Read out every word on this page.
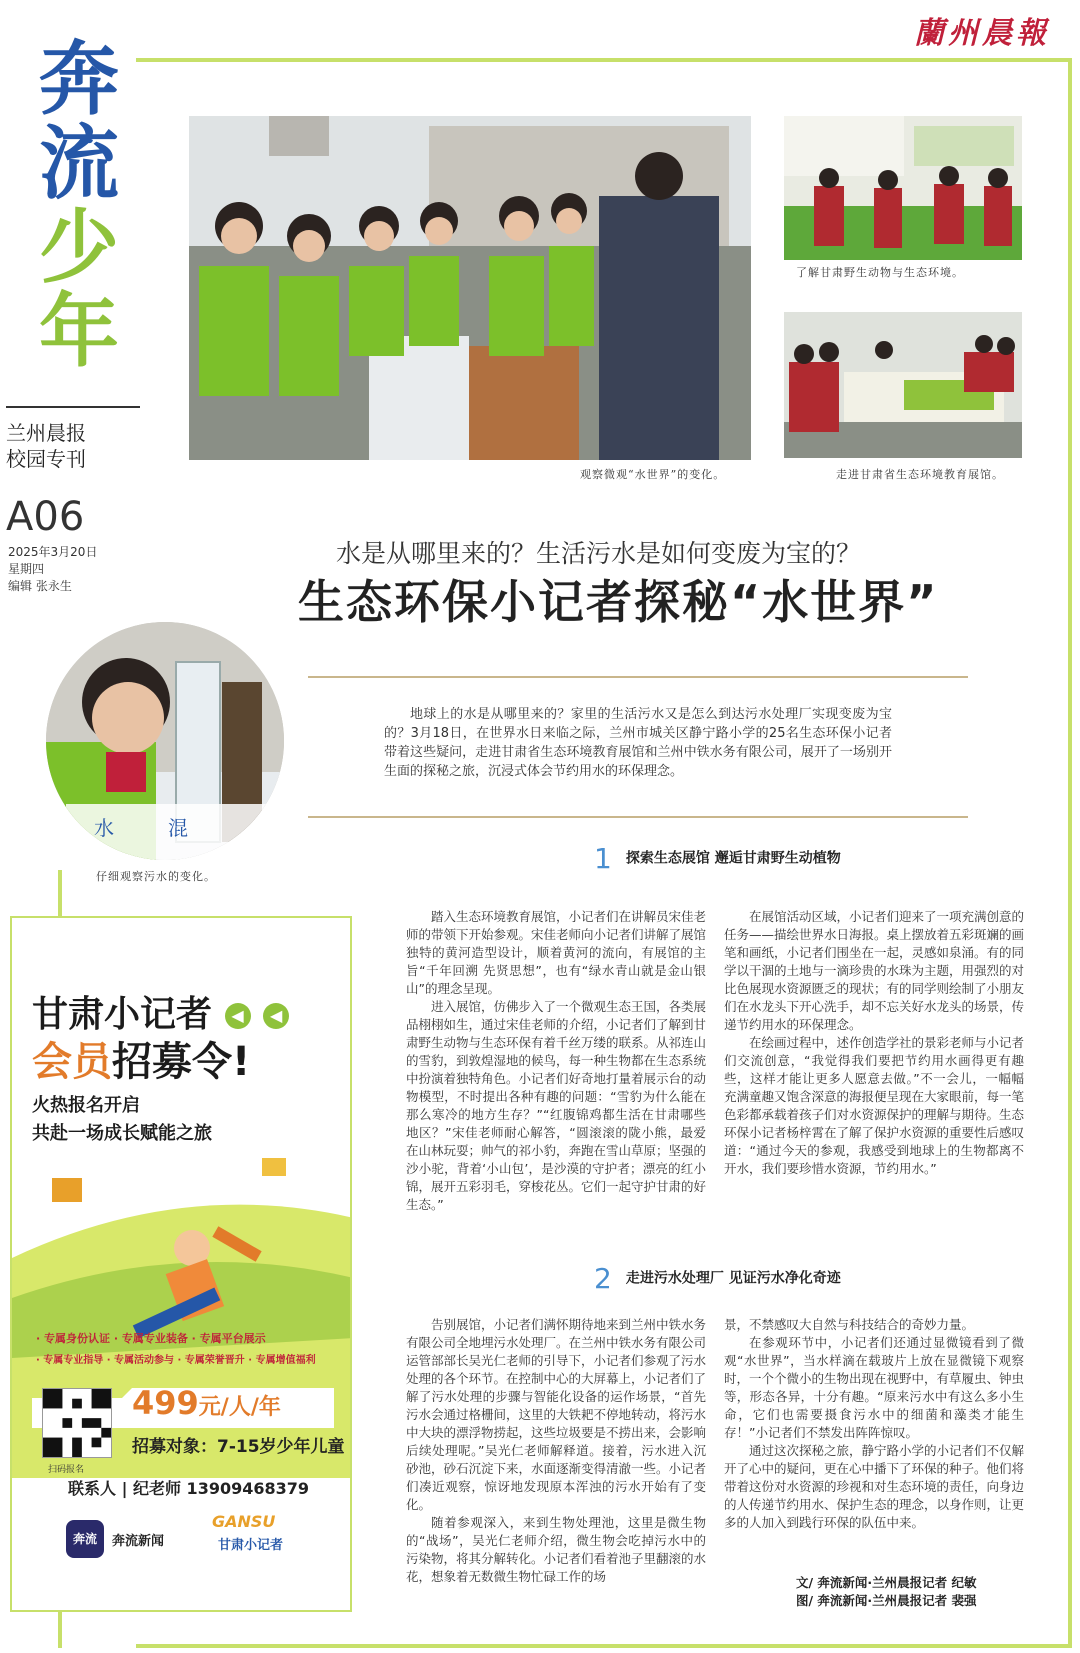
蘭州晨報
奔
流
少
年
兰州晨报
校园专刊
A06
2025年3月20日
星期四
编辑 张永生
观察微观“水世界”的变化。
了解甘肃野生动物与生态环境。
走进甘肃省生态环境教育展馆。
水是从哪里来的？生活污水是如何变废为宝的？
生态环保小记者探秘“水世界”
地球上的水是从哪里来的？家里的生活污水又是怎么到达污水处理厂实现变废为宝的？3月18日，在世界水日来临之际，兰州市城关区静宁路小学的25名生态环保小记者带着这些疑问，走进甘肃省生态环境教育展馆和兰州中铁水务有限公司，展开了一场别开生面的探秘之旅，沉浸式体会节约用水的环保理念。
水	混
仔细观察污水的变化。
1 探索生态展馆 邂逅甘肃野生动植物

踏入生态环境教育展馆，小记者们在讲解员宋佳老师的带领下开始参观。宋佳老师向小记者们讲解了展馆独特的黄河造型设计，顺着黄河的流向，有展馆的主旨“千年回溯 先贤思想”，也有“绿水青山就是金山银山”的理念呈现。

进入展馆，仿佛步入了一个微观生态王国，各类展品栩栩如生，通过宋佳老师的介绍，小记者们了解到甘肃野生动物与生态环保有着千丝万缕的联系。从祁连山的雪豹，到敦煌湿地的候鸟，每一种生物都在生态系统中扮演着独特角色。小记者们好奇地打量着展示台的动物模型，不时提出各种有趣的问题：“雪豹为什么能在那么寒冷的地方生存？”“红腹锦鸡都生活在甘肃哪些地区？”宋佳老师耐心解答，“圆滚滚的陇小熊，最爱在山林玩耍；帅气的祁小豹，奔跑在雪山草原；坚强的沙小驼，背着‘小山包’，是沙漠的守护者；漂亮的红小锦，展开五彩羽毛，穿梭花丛。它们一起守护甘肃的好生态。”

在展馆活动区域，小记者们迎来了一项充满创意的任务——描绘世界水日海报。桌上摆放着五彩斑斓的画笔和画纸，小记者们围坐在一起，灵感如泉涌。有的同学以干涸的土地与一滴珍贵的水珠为主题，用强烈的对比色展现水资源匮乏的现状；有的同学则绘制了小朋友们在水龙头下开心洗手，却不忘关好水龙头的场景，传递节约用水的环保理念。

在绘画过程中，述作创造学社的景彩老师与小记者们交流创意，“我觉得我们要把节约用水画得更有趣些，这样才能让更多人愿意去做。”不一会儿，一幅幅充满童趣又饱含深意的海报便呈现在大家眼前，每一笔色彩都承载着孩子们对水资源保护的理解与期待。生态环保小记者杨梓霄在了解了保护水资源的重要性后感叹道：“通过今天的参观，我感受到地球上的生物都离不开水，我们要珍惜水资源，节约用水。”

2 走进污水处理厂 见证污水净化奇迹

告别展馆，小记者们满怀期待地来到兰州中铁水务有限公司全地埋污水处理厂。在兰州中铁水务有限公司运管部部长吴光仁老师的引导下，小记者们参观了污水处理的各个环节。在控制中心的大屏幕上，小记者们了解了污水处理的步骤与智能化设备的运作场景，“首先污水会通过格栅间，这里的大铁耙不停地转动，将污水中大块的漂浮物捞起，这些垃圾要是不捞出来，会影响后续处理呢。”吴光仁老师解释道。接着，污水进入沉砂池，砂石沉淀下来，水面逐渐变得清澈一些。小记者们凑近观察，惊讶地发现原本浑浊的污水开始有了变化。

随着参观深入，来到生物处理池，这里是微生物的“战场”，吴光仁老师介绍，微生物会吃掉污水中的污染物，将其分解转化。小记者们看着池子里翻滚的水花，想象着无数微生物忙碌工作的场

景，不禁感叹大自然与科技结合的奇妙力量。

在参观环节中，小记者们还通过显微镜看到了微观“水世界”，当水样滴在载玻片上放在显微镜下观察时，一个个微小的生物出现在视野中，有草履虫、钟虫等，形态各异，十分有趣。“原来污水中有这么多小生命，它们也需要摄食污水中的细菌和藻类才能生存！”小记者们不禁发出阵阵惊叹。

通过这次探秘之旅，静宁路小学的小记者们不仅解开了心中的疑问，更在心中播下了环保的种子。他们将带着这份对水资源的珍视和对生态环境的责任，向身边的人传递节约用水、保护生态的理念，以身作则，让更多的人加入到践行环保的队伍中来。

文/ 奔流新闻·兰州晨报记者 纪敏
图/ 奔流新闻·兰州晨报记者 裴强
甘肃小记者 ◀ ◀
会员招募令!
火热报名开启
共赴一场成长赋能之旅
· 专属身份认证 · 专属专业装备 · 专属平台展示
· 专属专业指导 · 专属活动参与 · 专属荣誉晋升 · 专属增值福利
扫码报名
499元/人/年
招募对象：7-15岁少年儿童
联系人 | 纪老师 13909468379
奔流	奔流新闻
GANSU
甘肃小记者
